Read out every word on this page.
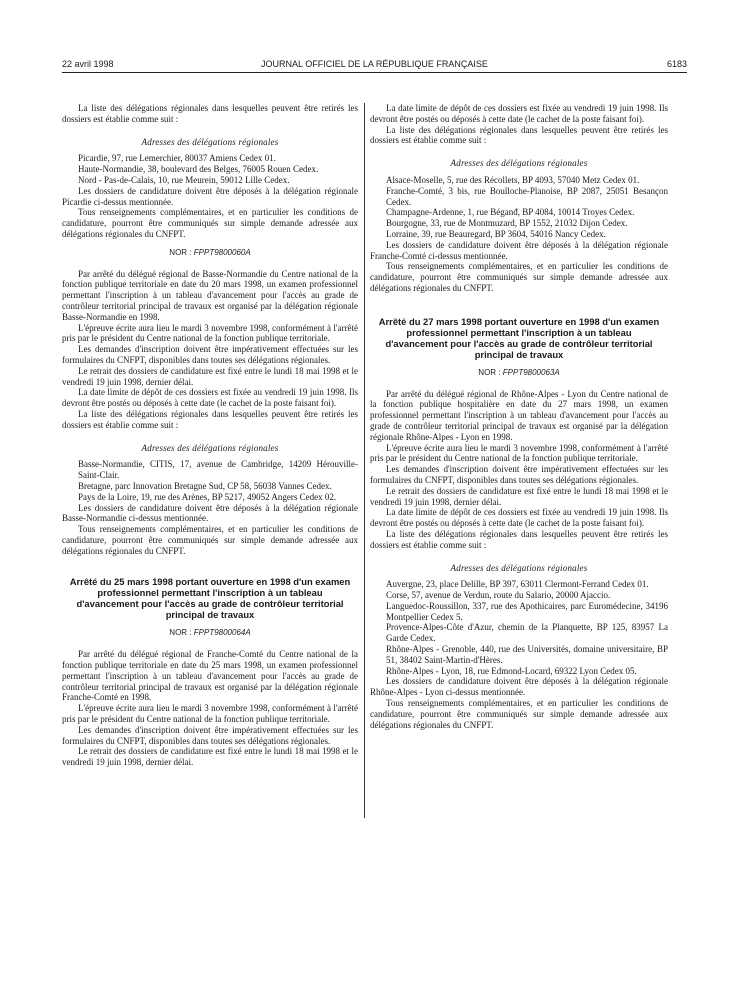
22 avril 1998	JOURNAL OFFICIEL DE LA RÉPUBLIQUE FRANÇAISE	6183

La liste des délégations régionales dans lesquelles peuvent être retirés les dossiers est établie comme suit :

Adresses des délégations régionales

Picardie, 97, rue Lemerchier, 80037 Amiens Cedex 01.

Haute-Normandie, 38, boulevard des Belges, 76005 Rouen Cedex.

Nord - Pas-de-Calais, 10, rue Meurein, 59012 Lille Cedex.

Les dossiers de candidature doivent être déposés à la délégation régionale Picardie ci-dessus mentionnée.

Tous renseignements complémentaires, et en particulier les conditions de candidature, pourront être communiqués sur simple demande adressée aux délégations régionales du CNFPT.

NOR : FPPT9800060A

Par arrêté du délégué régional de Basse-Normandie du Centre national de la fonction publique territoriale en date du 20 mars 1998, un examen professionnel permettant l'inscription à un tableau d'avancement pour l'accès au grade de contrôleur territorial principal de travaux est organisé par la délégation régionale Basse-Normandie en 1998.

L'épreuve écrite aura lieu le mardi 3 novembre 1998, conformément à l'arrêté pris par le président du Centre national de la fonction publique territoriale.

Les demandes d'inscription doivent être impérativement effectuées sur les formulaires du CNFPT, disponibles dans toutes ses délégations régionales.

Le retrait des dossiers de candidature est fixé entre le lundi 18 mai 1998 et le vendredi 19 juin 1998, dernier délai.

La date limite de dépôt de ces dossiers est fixée au vendredi 19 juin 1998. Ils devront être postés ou déposés à cette date (le cachet de la poste faisant foi).

La liste des délégations régionales dans lesquelles peuvent être retirés les dossiers est établie comme suit :

Adresses des délégations régionales

Basse-Normandie, CITIS, 17, avenue de Cambridge, 14209 Hérouville-Saint-Clair.

Bretagne, parc Innovation Bretagne Sud, CP 58, 56038 Vannes Cedex.

Pays de la Loire, 19, rue des Arènes, BP 5217, 49052 Angers Cedex 02.

Les dossiers de candidature doivent être déposés à la délégation régionale Basse-Normandie ci-dessus mentionnée.

Tous renseignements complémentaires, et en particulier les conditions de candidature, pourront être communiqués sur simple demande adressée aux délégations régionales du CNFPT.

Arrêté du 25 mars 1998 portant ouverture en 1998 d'un examen professionnel permettant l'inscription à un tableau d'avancement pour l'accès au grade de contrôleur territorial principal de travaux
NOR : FPPT9800064A

Par arrêté du délégué régional de Franche-Comté du Centre national de la fonction publique territoriale en date du 25 mars 1998, un examen professionnel permettant l'inscription à un tableau d'avancement pour l'accès au grade de contrôleur territorial principal de travaux est organisé par la délégation régionale Franche-Comté en 1998.

L'épreuve écrite aura lieu le mardi 3 novembre 1998, conformément à l'arrêté pris par le président du Centre national de la fonction publique territoriale.

Les demandes d'inscription doivent être impérativement effectuées sur les formulaires du CNFPT, disponibles dans toutes ses délégations régionales.

Le retrait des dossiers de candidature est fixé entre le lundi 18 mai 1998 et le vendredi 19 juin 1998, dernier délai.

La date limite de dépôt de ces dossiers est fixée au vendredi 19 juin 1998. Ils devront être postés ou déposés à cette date (le cachet de la poste faisant foi).

La liste des délégations régionales dans lesquelles peuvent être retirés les dossiers est établie comme suit :

Adresses des délégations régionales

Alsace-Moselle, 5, rue des Récollets, BP 4093, 57040 Metz Cedex 01.

Franche-Comté, 3 bis, rue Boulloche-Planoise, BP 2087, 25051 Besançon Cedex.

Champagne-Ardenne, 1, rue Béganđ, BP 4084, 10014 Troyes Cedex.

Bourgogne, 33, rue de Montmuzard, BP 1552, 21032 Dijon Cedex.

Lorraine, 39, rue Beauregard, BP 3604, 54016 Nancy Cedex.

Les dossiers de candidature doivent être déposés à la délégation régionale Franche-Comté ci-dessus mentionnée.

Tous renseignements complémentaires, et en particulier les conditions de candidature, pourront être communiqués sur simple demande adressée aux délégations régionales du CNFPT.

Arrêté du 27 mars 1998 portant ouverture en 1998 d'un examen professionnel permettant l'inscription à un tableau d'avancement pour l'accès au grade de contrôleur territorial principal de travaux
NOR : FPPT9800063A

Par arrêté du délégué régional de Rhône-Alpes - Lyon du Centre national de la fonction publique hospitalière en date du 27 mars 1998, un examen professionnel permettant l'inscription à un tableau d'avancement pour l'accès au grade de contrôleur territorial principal de travaux est organisé par la délégation régionale Rhône-Alpes - Lyon en 1998.

L'épreuve écrite aura lieu le mardi 3 novembre 1998, conformément à l'arrêté pris par le président du Centre national de la fonction publique territoriale.

Les demandes d'inscription doivent être impérativement effectuées sur les formulaires du CNFPT, disponibles dans toutes ses délégations régionales.

Le retrait des dossiers de candidature est fixé entre le lundi 18 mai 1998 et le vendredi 19 juin 1998, dernier délai.

La date limite de dépôt de ces dossiers est fixée au vendredi 19 juin 1998. Ils devront être postés ou déposés à cette date (le cachet de la poste faisant foi).

La liste des délégations régionales dans lesquelles peuvent être retirés les dossiers est établie comme suit :

Adresses des délégations régionales

Auvergne, 23, place Delille, BP 397, 63011 Clermont-Ferrand Cedex 01.

Corse, 57, avenue de Verdun, route du Salario, 20000 Ajaccio.

Languedoc-Roussillon, 337, rue des Apothicaires, parc Euromédecine, 34196 Montpellier Cedex 5.

Provence-Alpes-Côte d'Azur, chemin de la Planquette, BP 125, 83957 La Garde Cedex.

Rhône-Alpes - Grenoble, 440, rue des Universités, domaine universitaire, BP 51, 38402 Saint-Martin-d'Hères.

Rhône-Alpes - Lyon, 18, rue Edmond-Locard, 69322 Lyon Cedex 05.

Les dossiers de candidature doivent être déposés à la délégation régionale Rhône-Alpes - Lyon ci-dessus mentionnée.

Tous renseignements complémentaires, et en particulier les conditions de candidature, pourront être communiqués sur simple demande adressée aux délégations régionales du CNFPT.
